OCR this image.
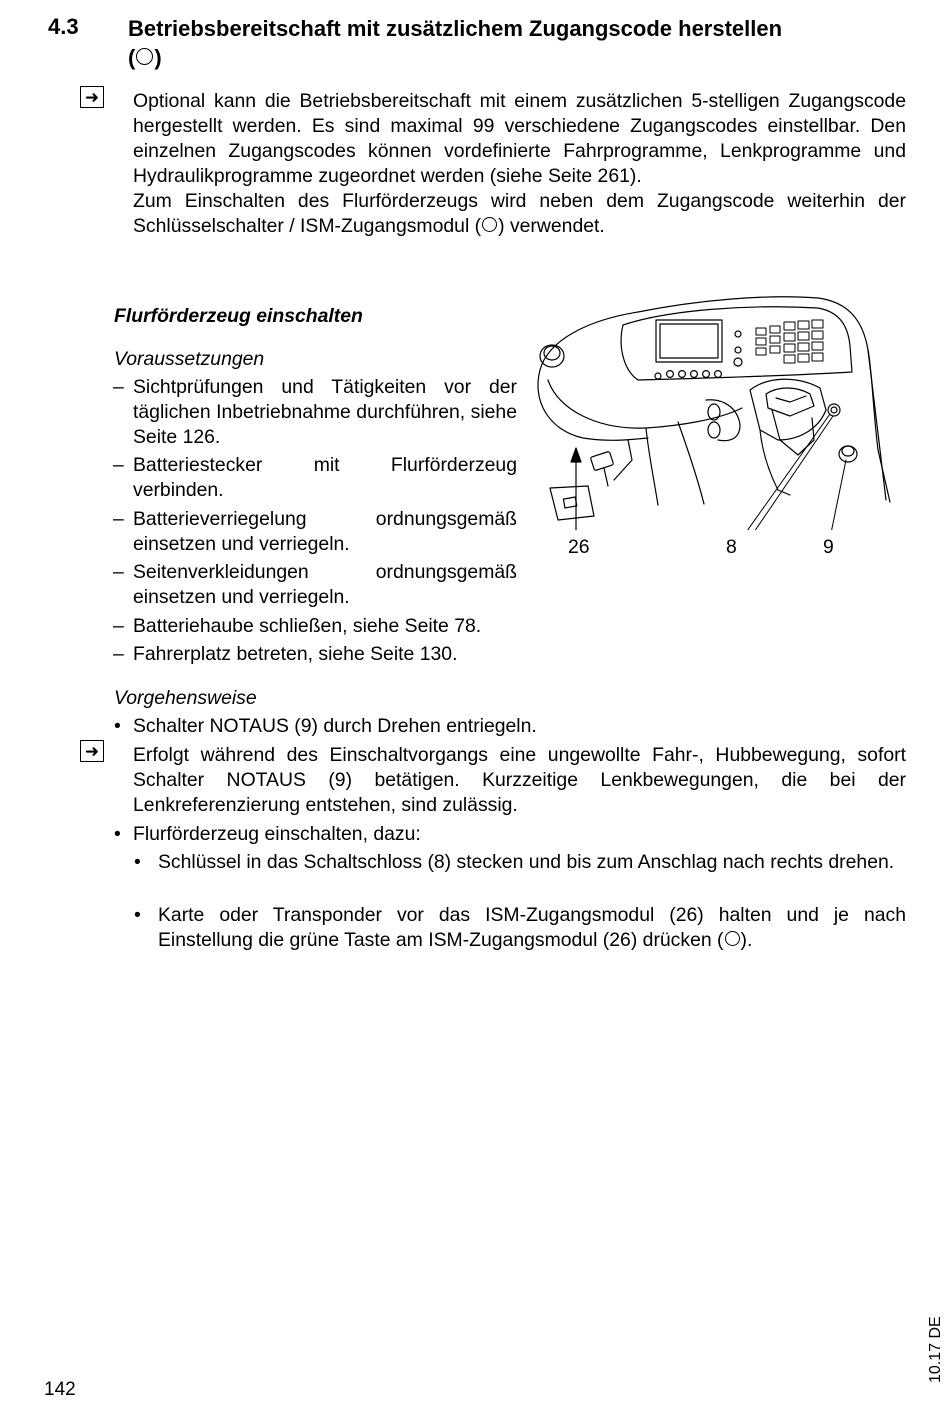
4.3 Betriebsbereitschaft mit zusätzlichem Zugangscode herstellen
( )
➜ Optional kann die Betriebsbereitschaft mit einem zusätzlichen 5-stelligen Zugangscode hergestellt werden. Es sind maximal 99 verschiedene Zugangscodes einstellbar. Den einzelnen Zugangscodes können vordefinierte Fahrprogramme, Lenkprogramme und Hydraulikprogramme zugeordnet werden (siehe Seite 261).
Zum Einschalten des Flurförderzeugs wird neben dem Zugangscode weiterhin der Schlüsselschalter / ISM-Zugangsmodul ( ) verwendet.
Flurförderzeug einschalten
Voraussetzungen
– Sichtprüfungen und Tätigkeiten vor der täglichen Inbetriebnahme durchführen, siehe Seite 126.
– Batteriestecker mit Flurförderzeug verbinden.
– Batterieverriegelung ordnungsgemäß einsetzen und verriegeln.
– Seitenverkleidungen ordnungsgemäß einsetzen und verriegeln.
– Batteriehaube schließen, siehe Seite 78.
– Fahrerplatz betreten, siehe Seite 130.
26	8	9
Vorgehensweise
• Schalter NOTAUS (9) durch Drehen entriegeln.
➜ Erfolgt während des Einschaltvorgangs eine ungewollte Fahr-, Hubbewegung, sofort Schalter NOTAUS (9) betätigen. Kurzzeitige Lenkbewegungen, die bei der Lenkreferenzierung entstehen, sind zulässig.
• Flurförderzeug einschalten, dazu:
• Schlüssel in das Schaltschloss (8) stecken und bis zum Anschlag nach rechts drehen.
• Karte oder Transponder vor das ISM-Zugangsmodul (26) halten und je nach Einstellung die grüne Taste am ISM-Zugangsmodul (26) drücken ( ).
142
10.17 DE
